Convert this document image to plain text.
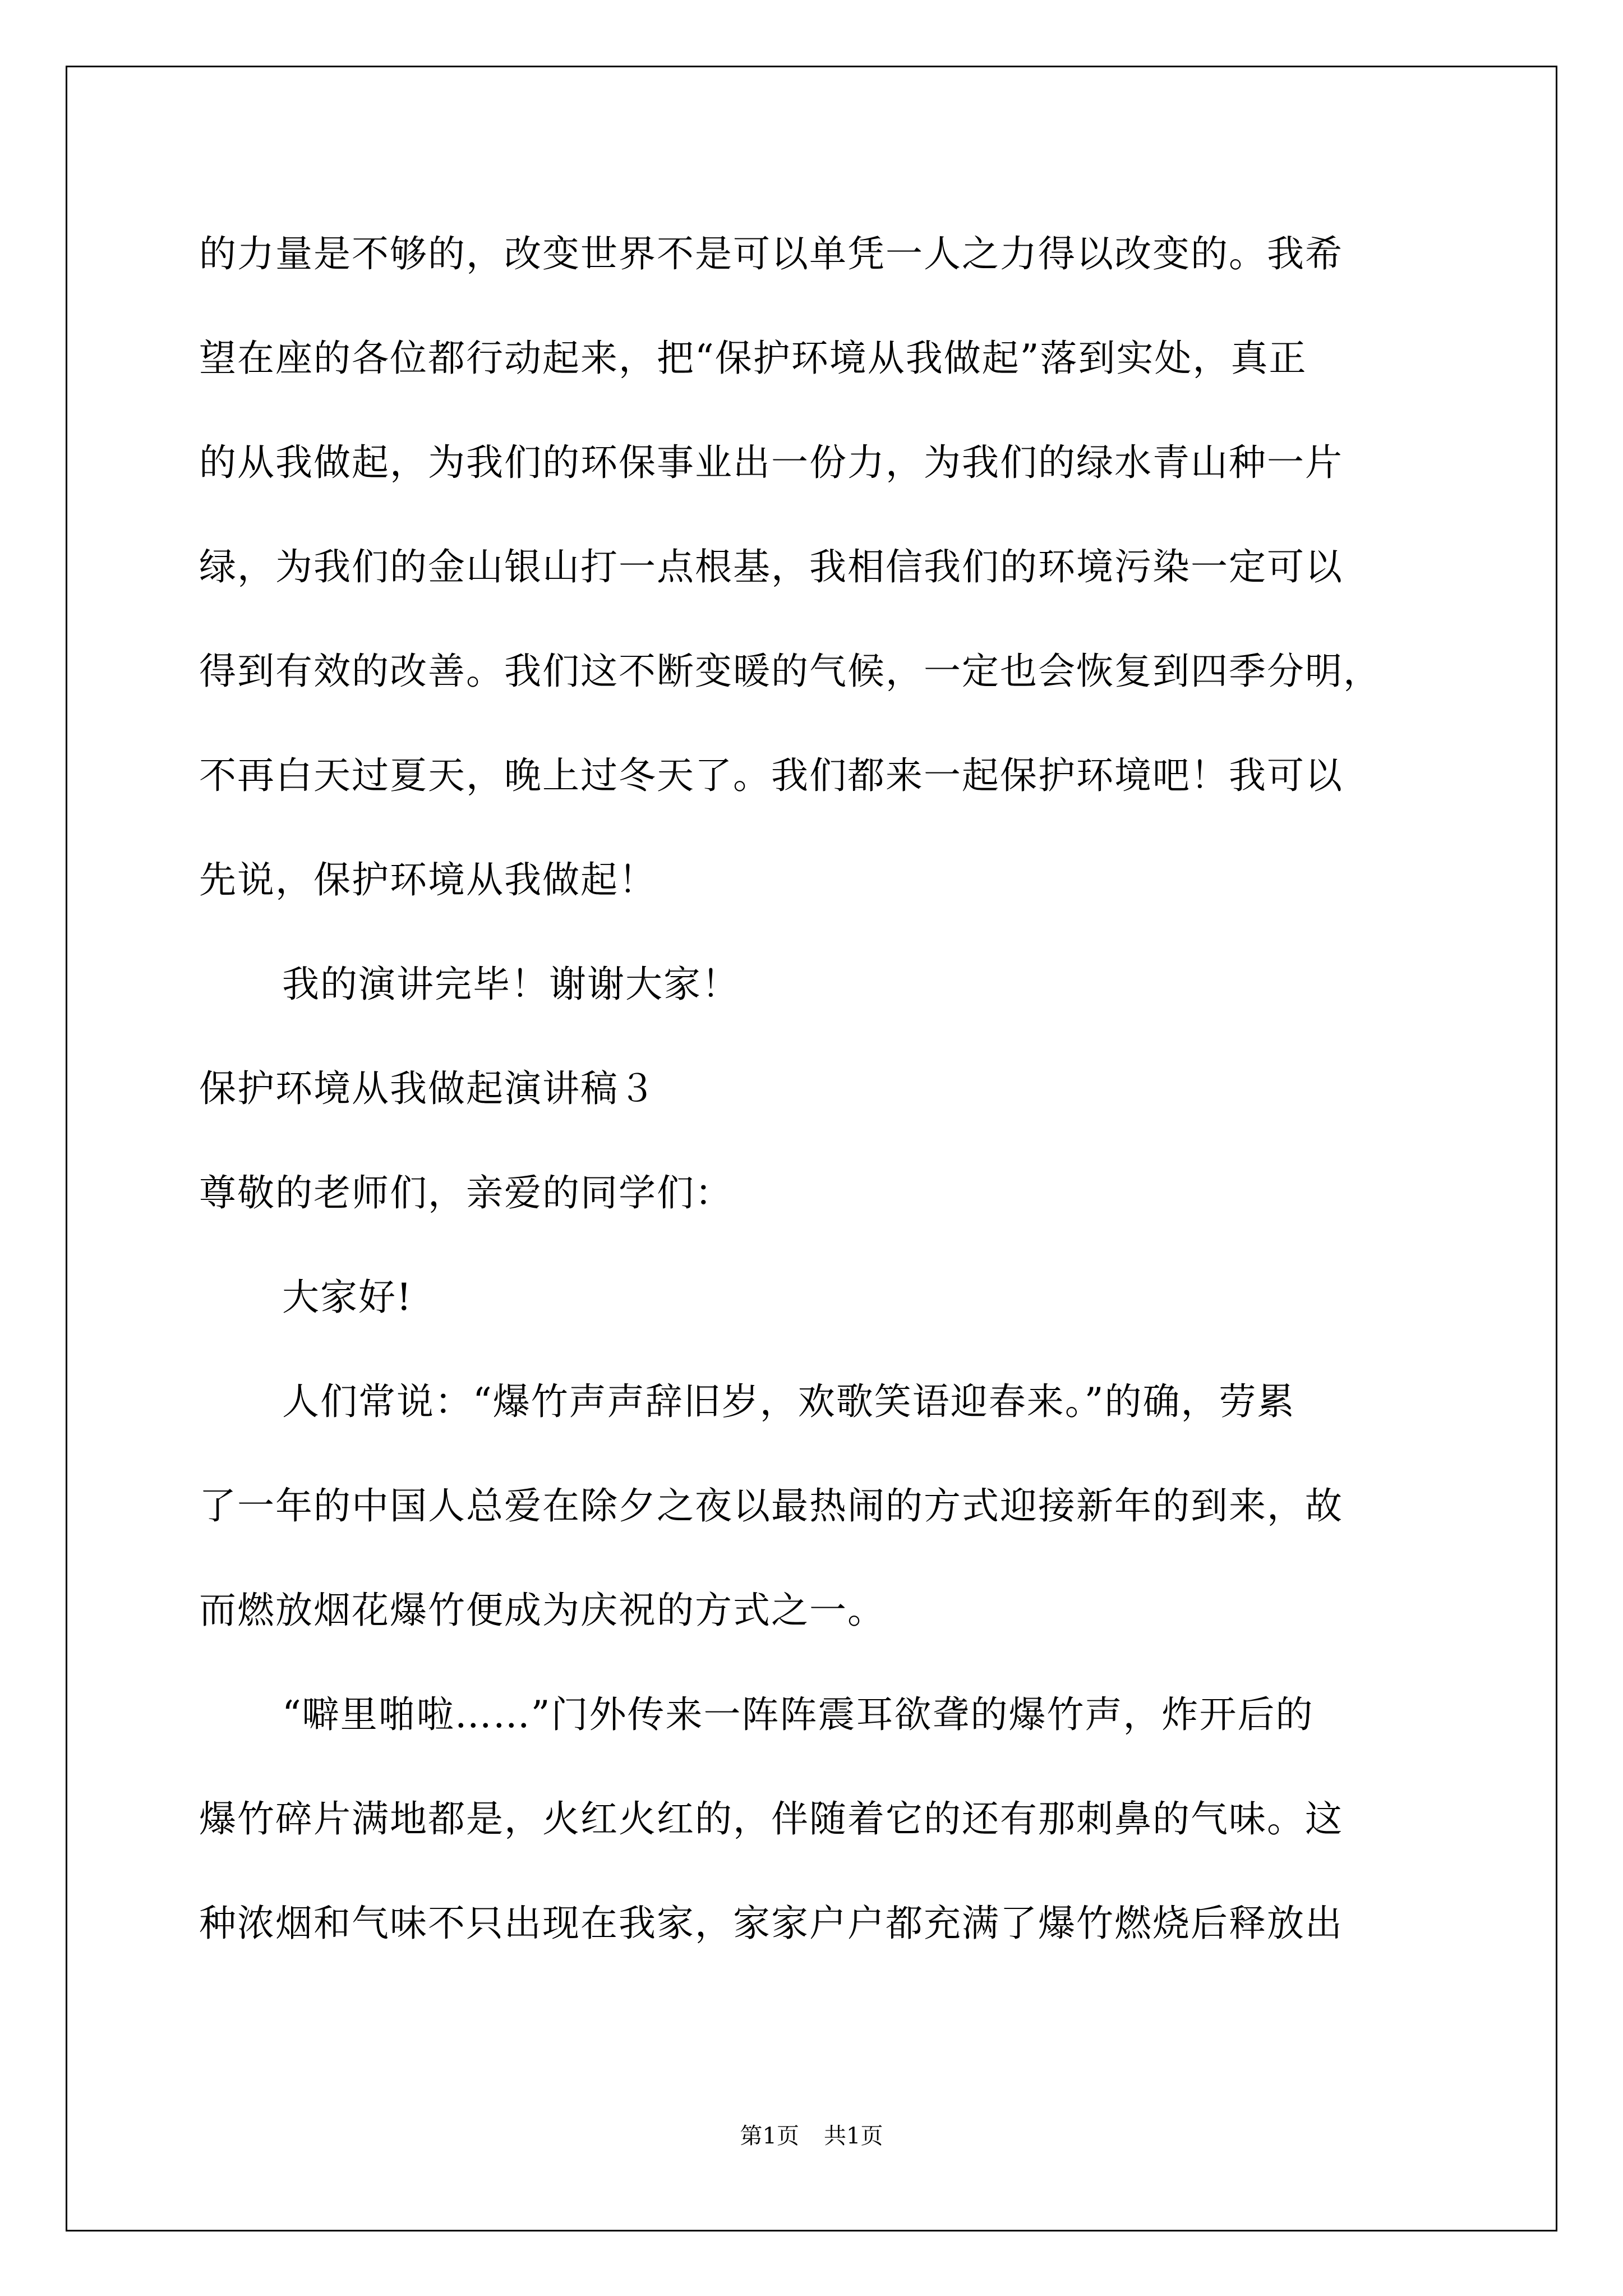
的力量是不够的，改变世界不是可以单凭一人之力得以改变的。我希
望在座的各位都行动起来，把“保护环境从我做起”落到实处，真正
的从我做起，为我们的环保事业出一份力，为我们的绿水青山种一片
绿，为我们的金山银山打一点根基，我相信我们的环境污染一定可以
得到有效的改善。我们这不断变暖的气候，一定也会恢复到四季分明，
不再白天过夏天，晚上过冬天了。我们都来一起保护环境吧！我可以
先说，保护环境从我做起！
我的演讲完毕！谢谢大家！
保护环境从我做起演讲稿３
尊敬的老师们，亲爱的同学们：
大家好!
人们常说：“爆竹声声辞旧岁，欢歌笑语迎春来。”的确，劳累
了一年的中国人总爱在除夕之夜以最热闹的方式迎接新年的到来，故
而燃放烟花爆竹便成为庆祝的方式之一。
“噼里啪啦……”门外传来一阵阵震耳欲聋的爆竹声，炸开后的
爆竹碎片满地都是，火红火红的，伴随着它的还有那刺鼻的气味。这
种浓烟和气味不只出现在我家，家家户户都充满了爆竹燃烧后释放出
第1页 共1页
